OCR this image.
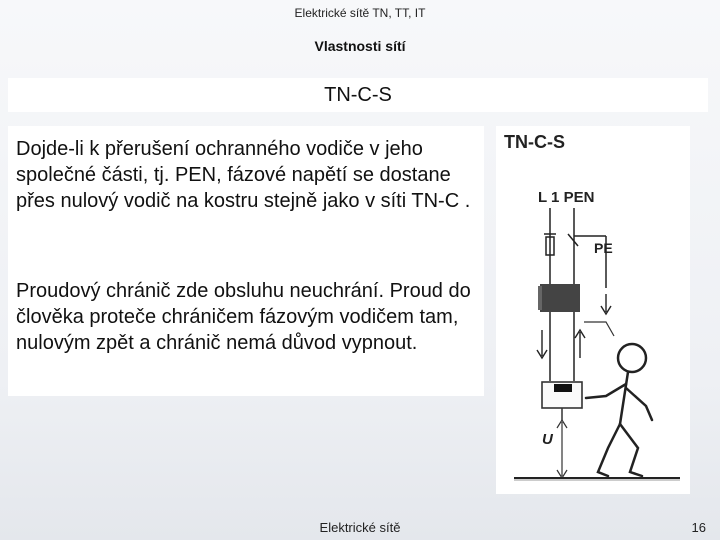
Elektrické sítě TN, TT, IT
Vlastnosti sítí
TN-C-S
Dojde-li k přerušení ochranného vodiče v jeho společné části, tj. PEN, fázové napětí se dostane přes nulový vodič na kostru stejně jako v síti TN-C .
Proudový chránič zde obsluhu neuchrání. Proud do člověka proteče chráničem fázovým vodičem tam, nulovým zpět a chránič nemá důvod vypnout.
TN-C-S
L 1 PEN
PE
U
Elektrické sítě	16
